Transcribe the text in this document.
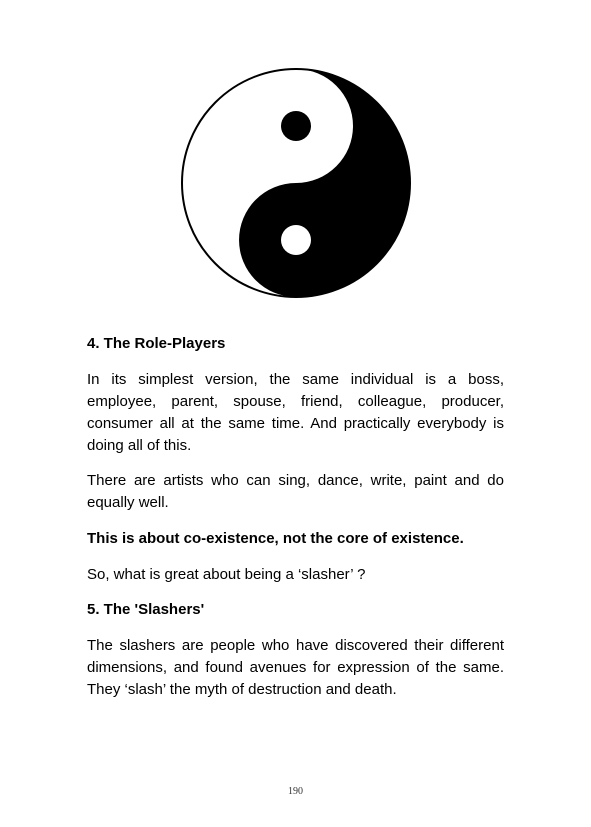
4. The Role-Players

In its simplest version, the same individual is a boss, employee, parent, spouse, friend, colleague, producer, consumer all at the same time. And practically everybody is doing all of this.

There are artists who can sing, dance, write, paint and do equally well.

This is about co-existence, not the core of existence.

So, what is great about being a ‘slasher’ ?

5. The 'Slashers'

The slashers are people who have discovered their different dimensions, and found avenues for expression of the same. They ‘slash’ the myth of destruction and death.

190
